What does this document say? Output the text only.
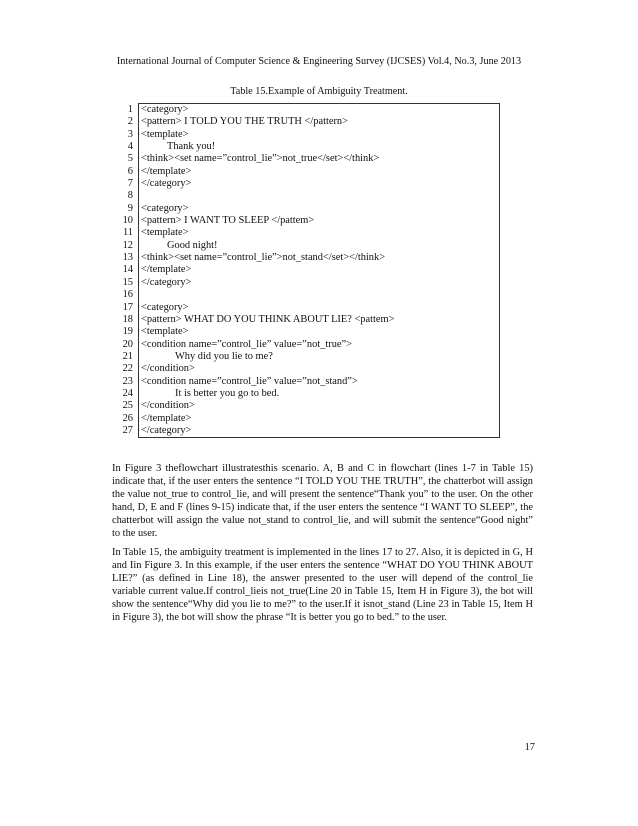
International Journal of Computer Science & Engineering Survey (IJCSES) Vol.4, No.3, June 2013
Table 15.Example of Ambiguity Treatment.
1	<category>
2	<pattern> I TOLD YOU THE TRUTH </pattern>
3	<template>
4	Thank you!
5	<think><set name=”control_lie”>not_true</set></think>
6	</template>
7	</category>
8	
9	<category>
10	<pattern> I WANT TO SLEEP </pattem>
11	<template>
12	Good night!
13	<think><set name=”control_lie”>not_stand</set></think>
14	</template>
15	</category>
16	
17	<category>
18	<pattern> WHAT DO YOU THINK ABOUT LIE? <pattem>
19	<template>
20	<condition name=”control_lie” value=”not_true”>
21	Why did you lie to me?
22	</condition>
23	<condition name=”control_lie” value=”not_stand”>
24	It is better you go to bed.
25	</condition>
26	</template>
27	</category>

In Figure 3 theflowchart illustratesthis scenario. A, B and C in flowchart (lines 1-7 in Table 15) indicate that, if the user enters the sentence “I TOLD YOU THE TRUTH”, the chatterbot will assign the value not_true to control_lie, and will present the sentence“Thank you” to the user. On the other hand, D, E and F (lines 9-15) indicate that, if the user enters the sentence “I WANT TO SLEEP”, the chatterbot will assign the value not_stand to control_lie, and will submit the sentence“Good night” to the user.

In Table 15, the ambiguity treatment is implemented in the lines 17 to 27. Also, it is depicted in G, H and Iin Figure 3. In this example, if the user enters the sentence “WHAT DO YOU THINK ABOUT LIE?” (as defined in Line 18), the answer presented to the user will depend of the control_lie variable current value.If control_lieis not_true(Line 20 in Table 15, Item H in Figure 3), the bot will show the sentence“Why did you lie to me?” to the user.If it isnot_stand (Line 23 in Table 15, Item H in Figure 3), the bot will show the phrase “It is better you go to bed.” to the user.

17
